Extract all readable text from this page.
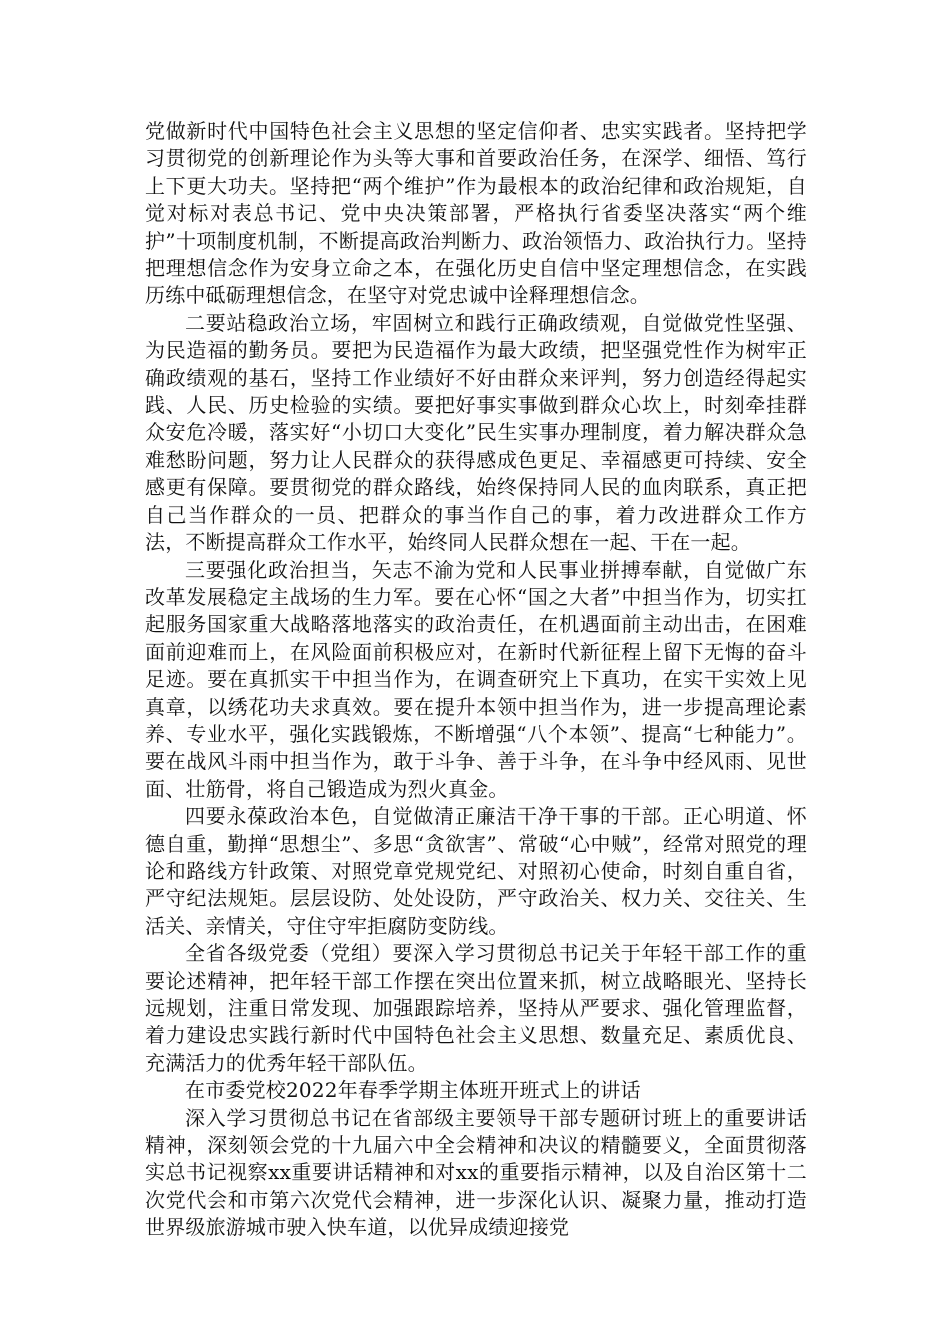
党做新时代中国特色社会主义思想的坚定信仰者、忠实实践者。坚持把学习贯彻党的创新理论作为头等大事和首要政治任务，在深学、细悟、笃行上下更大功夫。坚持把“两个维护”作为最根本的政治纪律和政治规矩，自觉对标对表总书记、党中央决策部署，严格执行省委坚决落实“两个维护”十项制度机制，不断提高政治判断力、政治领悟力、政治执行力。坚持把理想信念作为安身立命之本，在强化历史自信中坚定理想信念，在实践历练中砥砺理想信念，在坚守对党忠诚中诠释理想信念。

二要站稳政治立场，牢固树立和践行正确政绩观，自觉做党性坚强、为民造福的勤务员。要把为民造福作为最大政绩，把坚强党性作为树牢正确政绩观的基石，坚持工作业绩好不好由群众来评判，努力创造经得起实践、人民、历史检验的实绩。要把好事实事做到群众心坎上，时刻牵挂群众安危冷暖，落实好“小切口大变化”民生实事办理制度，着力解决群众急难愁盼问题，努力让人民群众的获得感成色更足、幸福感更可持续、安全感更有保障。要贯彻党的群众路线，始终保持同人民的血肉联系，真正把自己当作群众的一员、把群众的事当作自己的事，着力改进群众工作方法，不断提高群众工作水平，始终同人民群众想在一起、干在一起。

三要强化政治担当，矢志不渝为党和人民事业拼搏奉献，自觉做广东改革发展稳定主战场的生力军。要在心怀“国之大者”中担当作为，切实扛起服务国家重大战略落地落实的政治责任，在机遇面前主动出击，在困难面前迎难而上，在风险面前积极应对，在新时代新征程上留下无悔的奋斗足迹。要在真抓实干中担当作为，在调查研究上下真功，在实干实效上见真章，以绣花功夫求真效。要在提升本领中担当作为，进一步提高理论素养、专业水平，强化实践锻炼，不断增强“八个本领”、提高“七种能力”。要在战风斗雨中担当作为，敢于斗争、善于斗争，在斗争中经风雨、见世面、壮筋骨，将自己锻造成为烈火真金。

四要永葆政治本色，自觉做清正廉洁干净干事的干部。正心明道、怀德自重，勤掸“思想尘”、多思“贪欲害”、常破“心中贼”，经常对照党的理论和路线方针政策、对照党章党规党纪、对照初心使命，时刻自重自省，严守纪法规矩。层层设防、处处设防，严守政治关、权力关、交往关、生活关、亲情关，守住守牢拒腐防变防线。

全省各级党委（党组）要深入学习贯彻总书记关于年轻干部工作的重要论述精神，把年轻干部工作摆在突出位置来抓，树立战略眼光、坚持长远规划，注重日常发现、加强跟踪培养，坚持从严要求、强化管理监督，着力建设忠实践行新时代中国特色社会主义思想、数量充足、素质优良、充满活力的优秀年轻干部队伍。

在市委党校2022年春季学期主体班开班式上的讲话

深入学习贯彻总书记在省部级主要领导干部专题研讨班上的重要讲话精神，深刻领会党的十九届六中全会精神和决议的精髓要义，全面贯彻落实总书记视察xx重要讲话精神和对xx的重要指示精神，以及自治区第十二次党代会和市第六次党代会精神，进一步深化认识、凝聚力量，推动打造世界级旅游城市驶入快车道，以优异成绩迎接党
